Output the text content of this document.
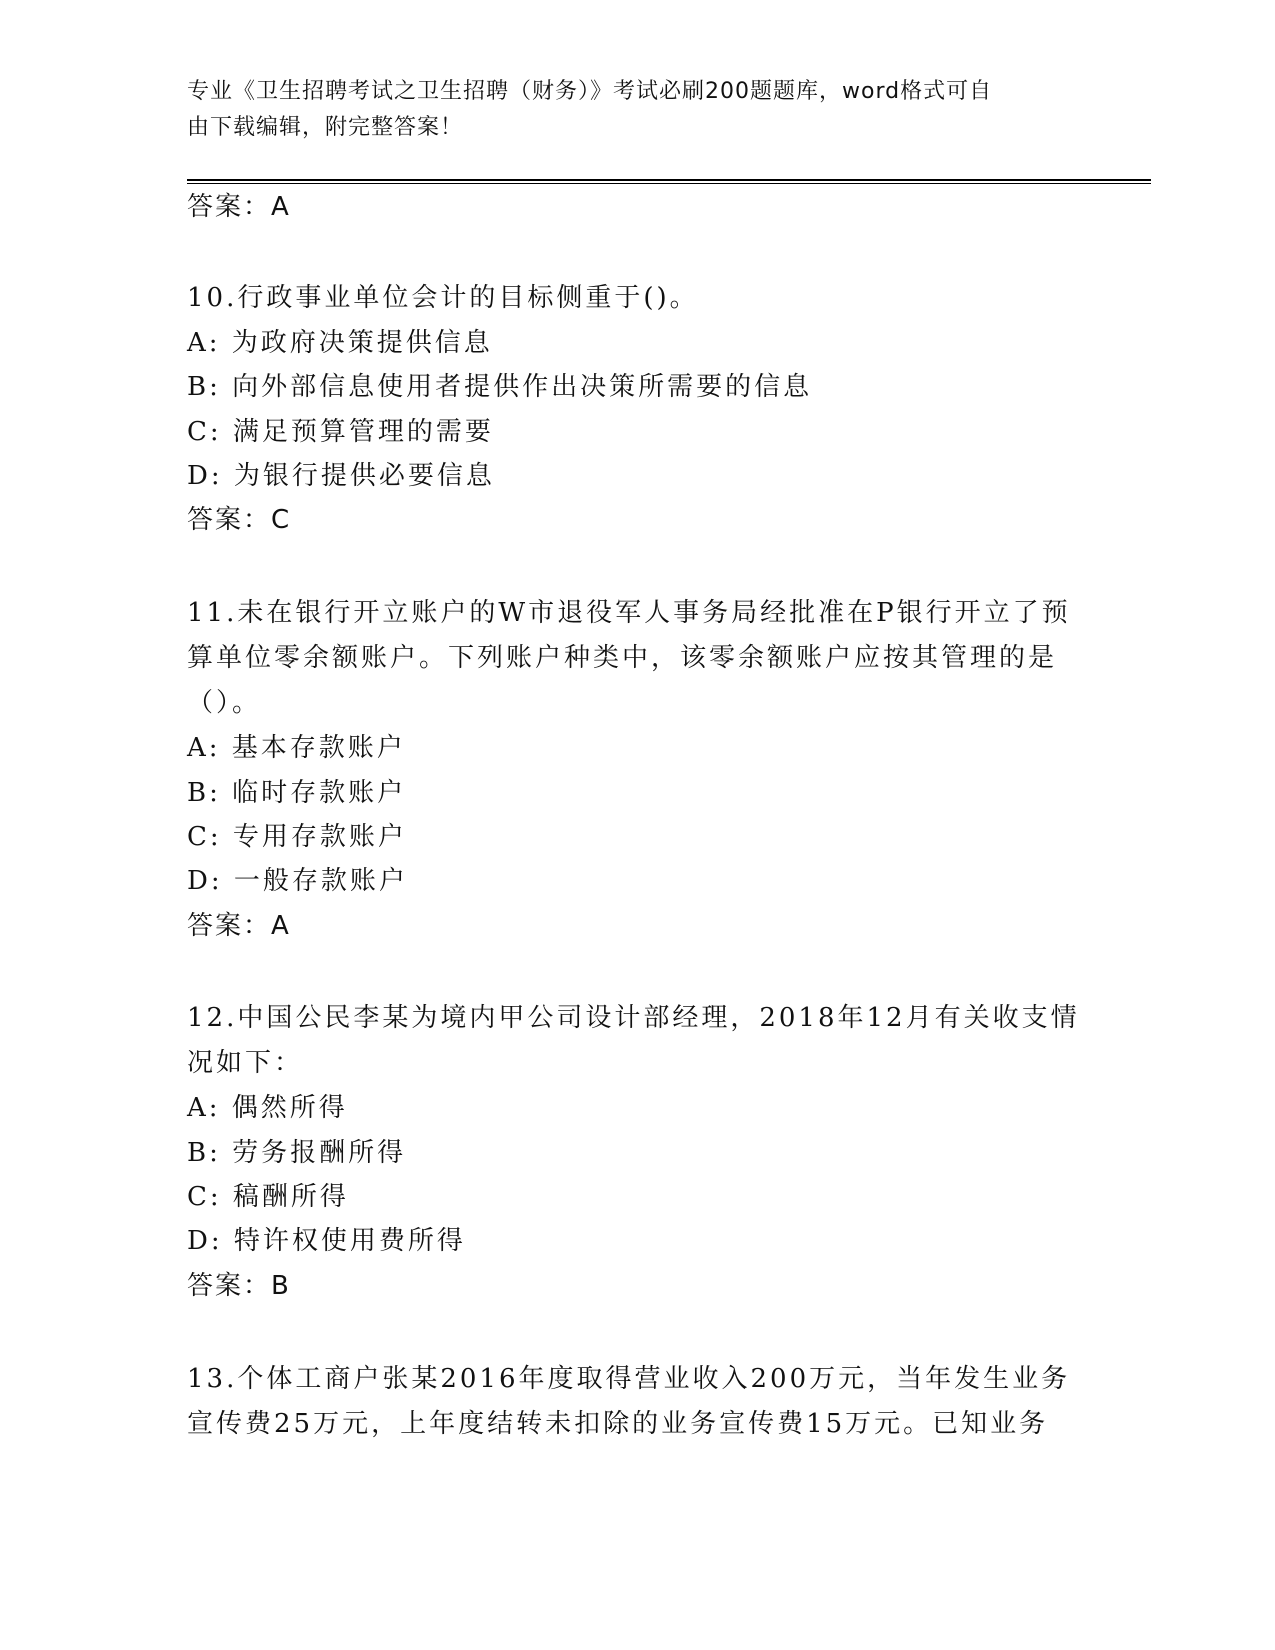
专业《卫生招聘考试之卫生招聘（财务）》考试必刷200题题库，word格式可自
由下载编辑，附完整答案！
答案：A
10.行政事业单位会计的目标侧重于()。
A: 为政府决策提供信息
B: 向外部信息使用者提供作出决策所需要的信息
C: 满足预算管理的需要
D: 为银行提供必要信息
答案：C
11.未在银行开立账户的W市退役军人事务局经批准在P银行开立了预
算单位零余额账户。下列账户种类中，该零余额账户应按其管理的是
（）。
A: 基本存款账户
B: 临时存款账户
C: 专用存款账户
D: 一般存款账户
答案：A
12.中国公民李某为境内甲公司设计部经理，2018年12月有关收支情
况如下：
A: 偶然所得
B: 劳务报酬所得
C: 稿酬所得
D: 特许权使用费所得
答案：B
13.个体工商户张某2016年度取得营业收入200万元，当年发生业务
宣传费25万元，上年度结转未扣除的业务宣传费15万元。已知业务
